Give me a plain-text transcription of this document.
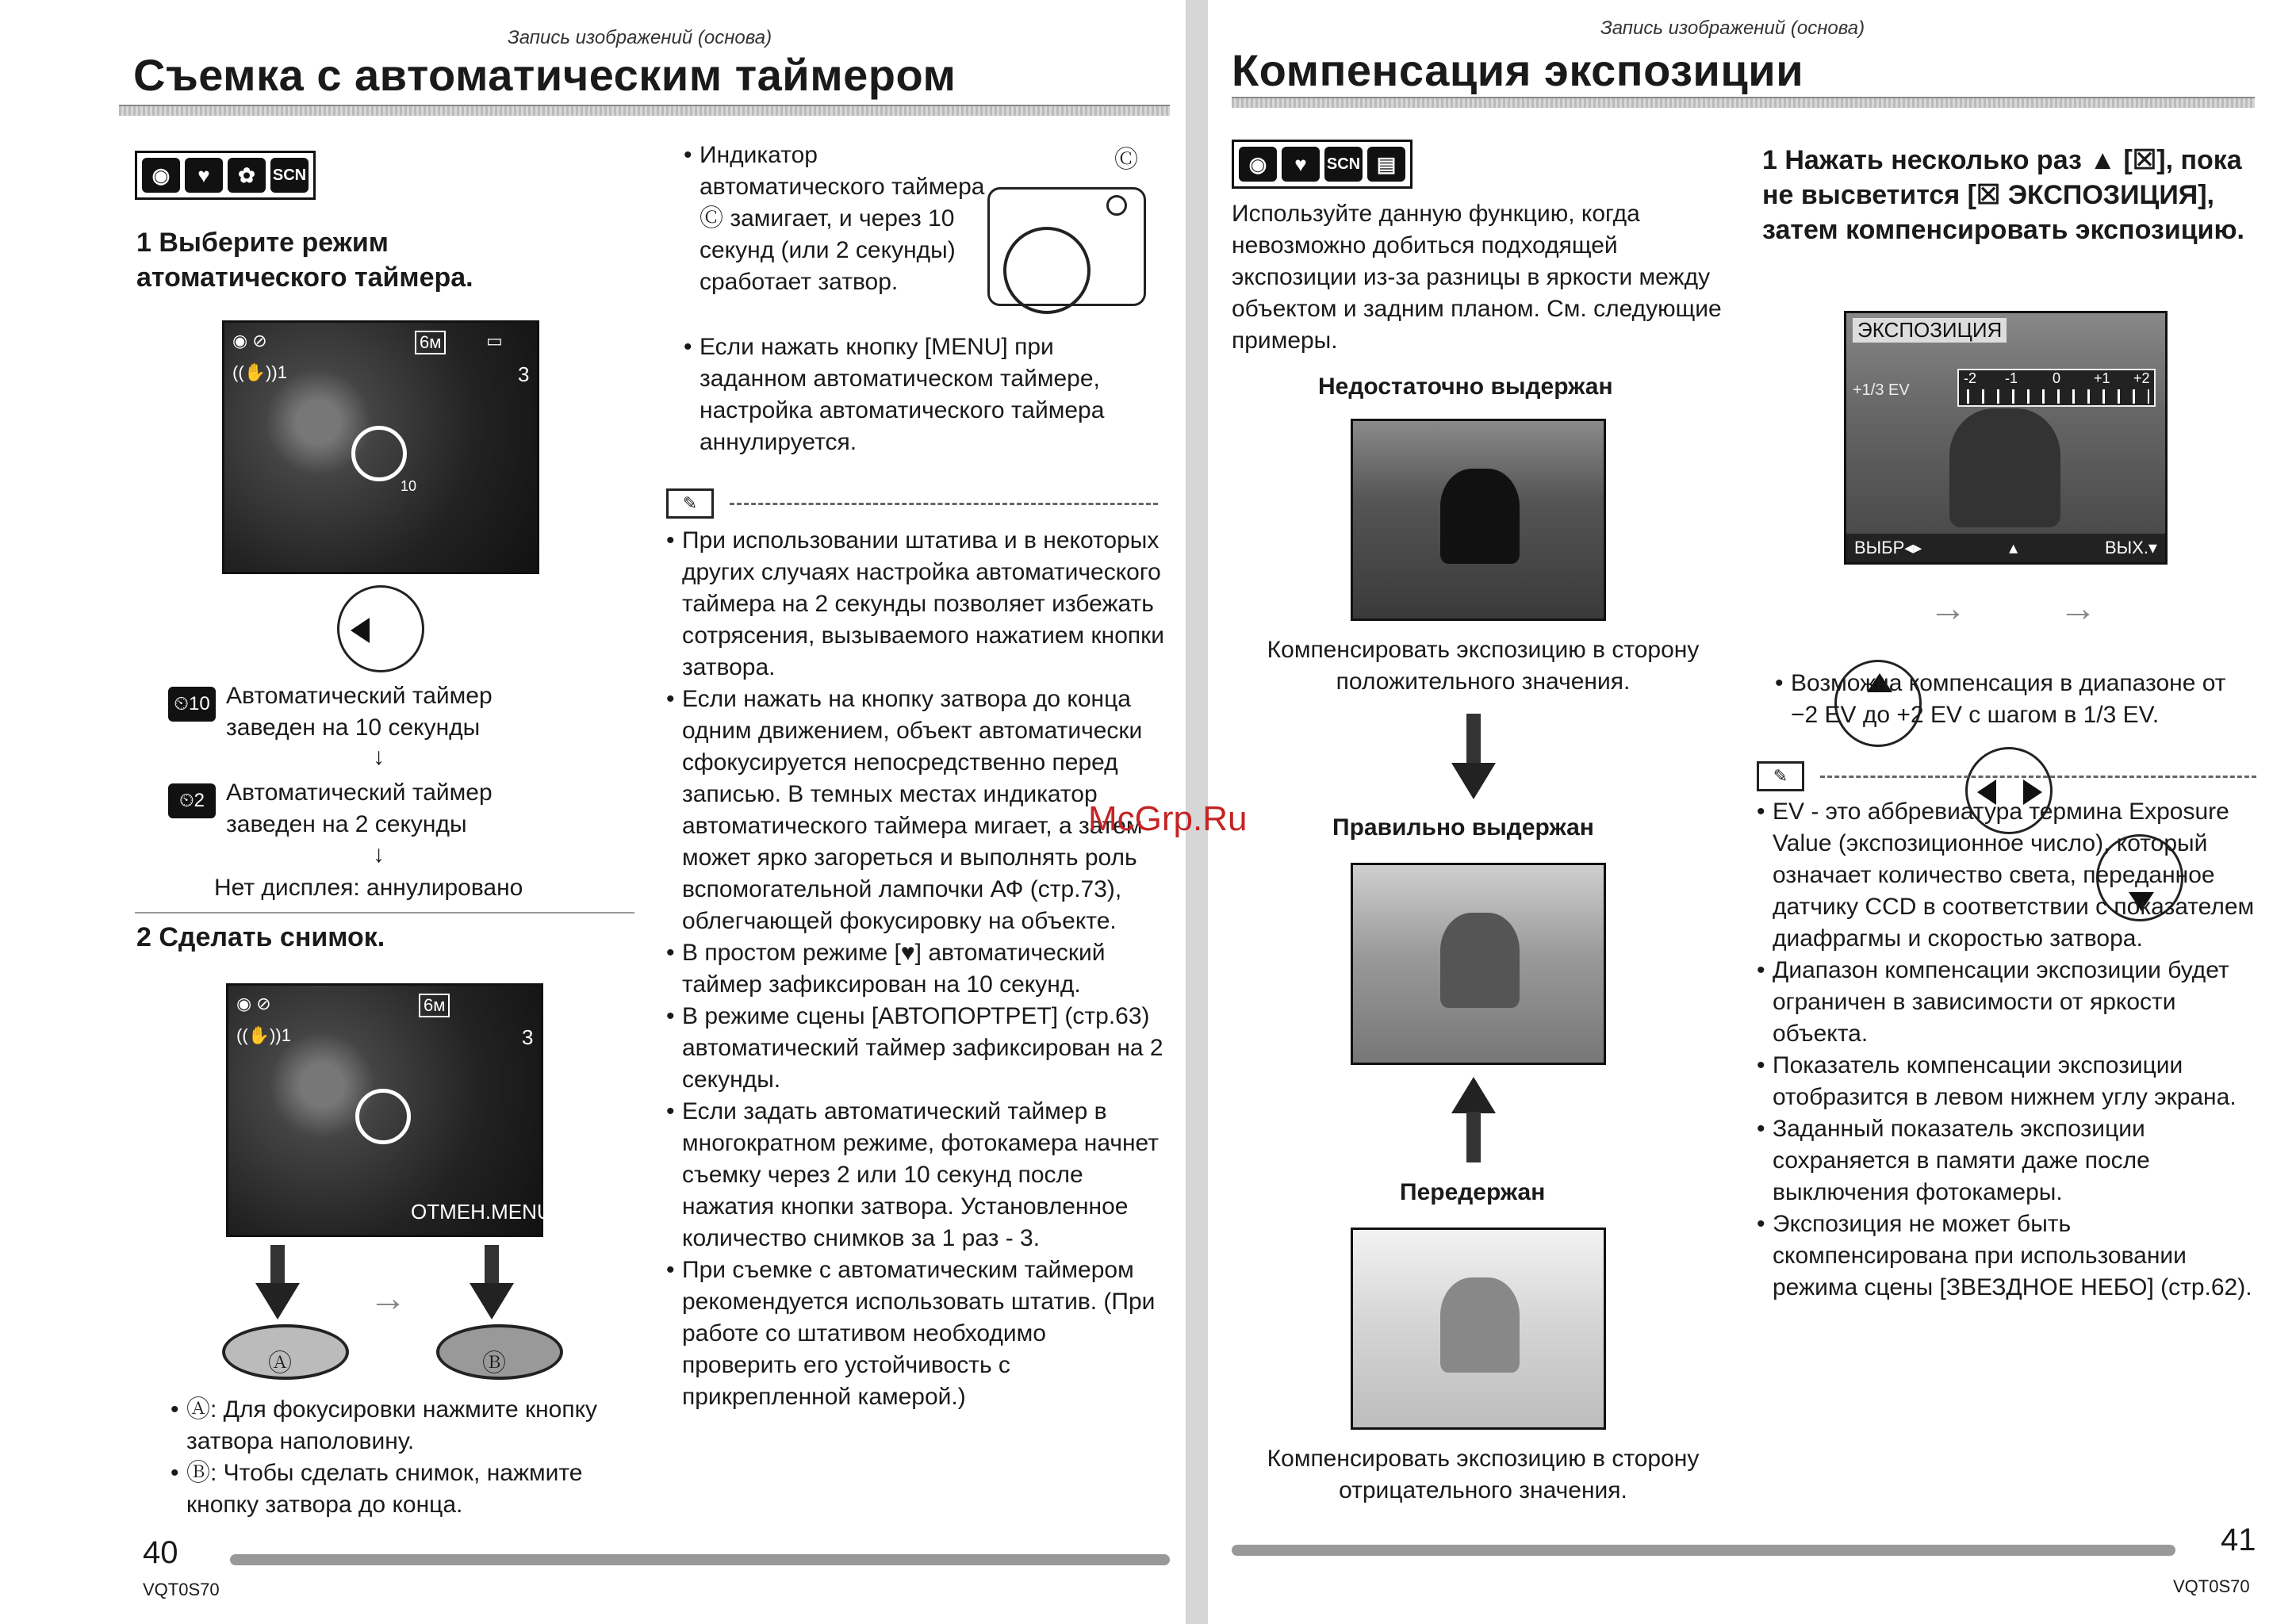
Запись изображений (основа)
Съемка с автоматическим таймером
◉	♥	✿	SCN
1 Выберите режим атоматического таймера.
◉ ⊘	6м	▭
((✋))1	3
10
⏲10 Автоматический таймер заведен на 10 секунды
↓
⏲2 Автоматический таймер заведен на 2 секунды
↓
Нет дисплея: аннулировано
2 Сделать снимок.
◉ ⊘	6м
((✋))1	3
ОТМЕН.MENU
→
Ⓐ	Ⓑ
• Ⓐ: Для фокусировки нажмите кнопку затвора наполовину.
• Ⓑ: Чтобы сделать снимок, нажмите кнопку затвора до конца.
• Индикатор автоматического таймера Ⓒ замигает, и через 10 секунд (или 2 секунды) сработает затвор.
Ⓒ
• Если нажать кнопку [MENU] при заданном автоматическом таймере, настройка автоматического таймера аннулируется.
✎
• При использовании штатива и в некоторых других случаях настройка автоматического таймера на 2 секунды позволяет избежать сотрясения, вызываемого нажатием кнопки затвора.
• Если нажать на кнопку затвора до конца одним движением, объект автоматически сфокусируется непосредственно перед записью. В темных местах индикатор автоматического таймера мигает, а затем может ярко загореться и выполнять роль вспомогательной лампочки АФ (стр.73), облегчающей фокусировку на объекте.
• В простом режиме [♥] автоматический таймер зафиксирован на 10 секунд.
• В режиме сцены [АВТОПОРТРЕТ] (стр.63) автоматический таймер зафиксирован на 2 секунды.
• Если задать автоматический таймер в многократном режиме, фотокамера начнет съемку через 2 или 10 секунд после нажатия кнопки затвора. Установленное количество снимков за 1 раз - 3.
• При съемке с автоматическим таймером рекомендуется использовать штатив. (При работе со штативом необходимо проверить его устойчивость с прикрепленной камерой.)
40
VQT0S70
McGrp.Ru
Запись изображений (основа)
Компенсация экспозиции
◉	♥	SCN ▤
Используйте данную функцию, когда невозможно добиться подходящей экспозиции из-за разницы в яркости между объектом и задним планом. См. следующие примеры.
Недостаточно выдержан
Компенсировать экспозицию в сторону положительного значения.
Правильно выдержан
Передержан
Компенсировать экспозицию в сторону отрицательного значения.
1 Нажать несколько раз ▲ [☒], пока не высветится [☒ ЭКСПОЗИЦИЯ], затем компенсировать экспозицию.
ЭКСПОЗИЦИЯ
-2 -1 0 +1 +2
+1/3 EV
ВЫБР◂▸	▴	ВЫХ.▾
→ →
• Возможна компенсация в диапазоне от −2 EV до +2 EV с шагом в 1/3 EV.
✎
• EV - это аббревиатура термина Exposure Value (экспозиционное число), который означает количество света, переданное датчику CCD в соответствии с показателем диафрагмы и скоростью затвора.
• Диапазон компенсации экспозиции будет ограничен в зависимости от яркости объекта.
• Показатель компенсации экспозиции отобразится в левом нижнем углу экрана.
• Заданный показатель экспозиции сохраняется в памяти даже после выключения фотокамеры.
• Экспозиция не может быть скомпенсирована при использовании режима сцены [ЗВЕЗДНОЕ НЕБО] (стр.62).
41
VQT0S70
